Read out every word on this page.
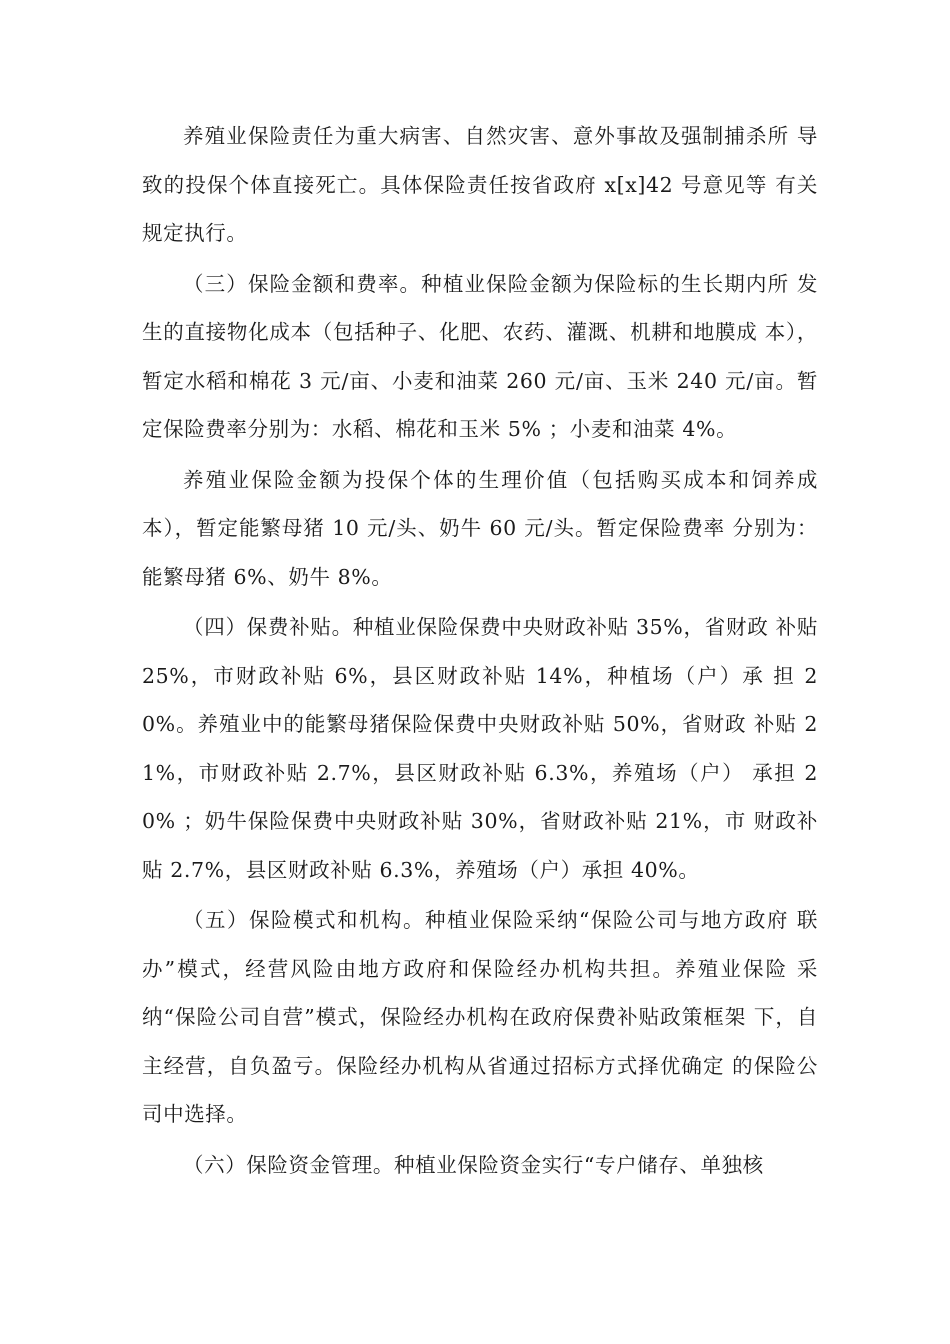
养殖业保险责任为重大病害、自然灾害、意外事故及强制捕杀所 导致的投保个体直接死亡。具体保险责任按省政府 x[x]42 号意见等 有关规定执行。

（三）保险金额和费率。种植业保险金额为保险标的生长期内所 发生的直接物化成本（包括种子、化肥、农药、灌溉、机耕和地膜成 本），暂定水稻和棉花 3 元/亩、小麦和油菜 260 元/亩、玉米 240 元/亩。暂定保险费率分别为：水稻、棉花和玉米 5% ；小麦和油菜 4%。

养殖业保险金额为投保个体的生理价值（包括购买成本和饲养成 本），暂定能繁母猪 10 元/头、奶牛 60 元/头。暂定保险费率 分别为：能繁母猪 6%、奶牛 8%。

（四）保费补贴。种植业保险保费中央财政补贴 35%，省财政 补贴 25%，市财政补贴 6%，县区财政补贴 14%，种植场（户）承 担 20%。养殖业中的能繁母猪保险保费中央财政补贴 50%，省财政 补贴 21%，市财政补贴 2.7%，县区财政补贴 6.3%，养殖场（户） 承担 20% ；奶牛保险保费中央财政补贴 30%，省财政补贴 21%，市 财政补贴 2.7%，县区财政补贴 6.3%，养殖场（户）承担 40%。

（五）保险模式和机构。种植业保险采纳“保险公司与地方政府 联办”模式，经营风险由地方政府和保险经办机构共担。养殖业保险 采纳“保险公司自营”模式，保险经办机构在政府保费补贴政策框架 下，自主经营，自负盈亏。保险经办机构从省通过招标方式择优确定 的保险公司中选择。

（六）保险资金管理。种植业保险资金实行“专户储存、单独核
